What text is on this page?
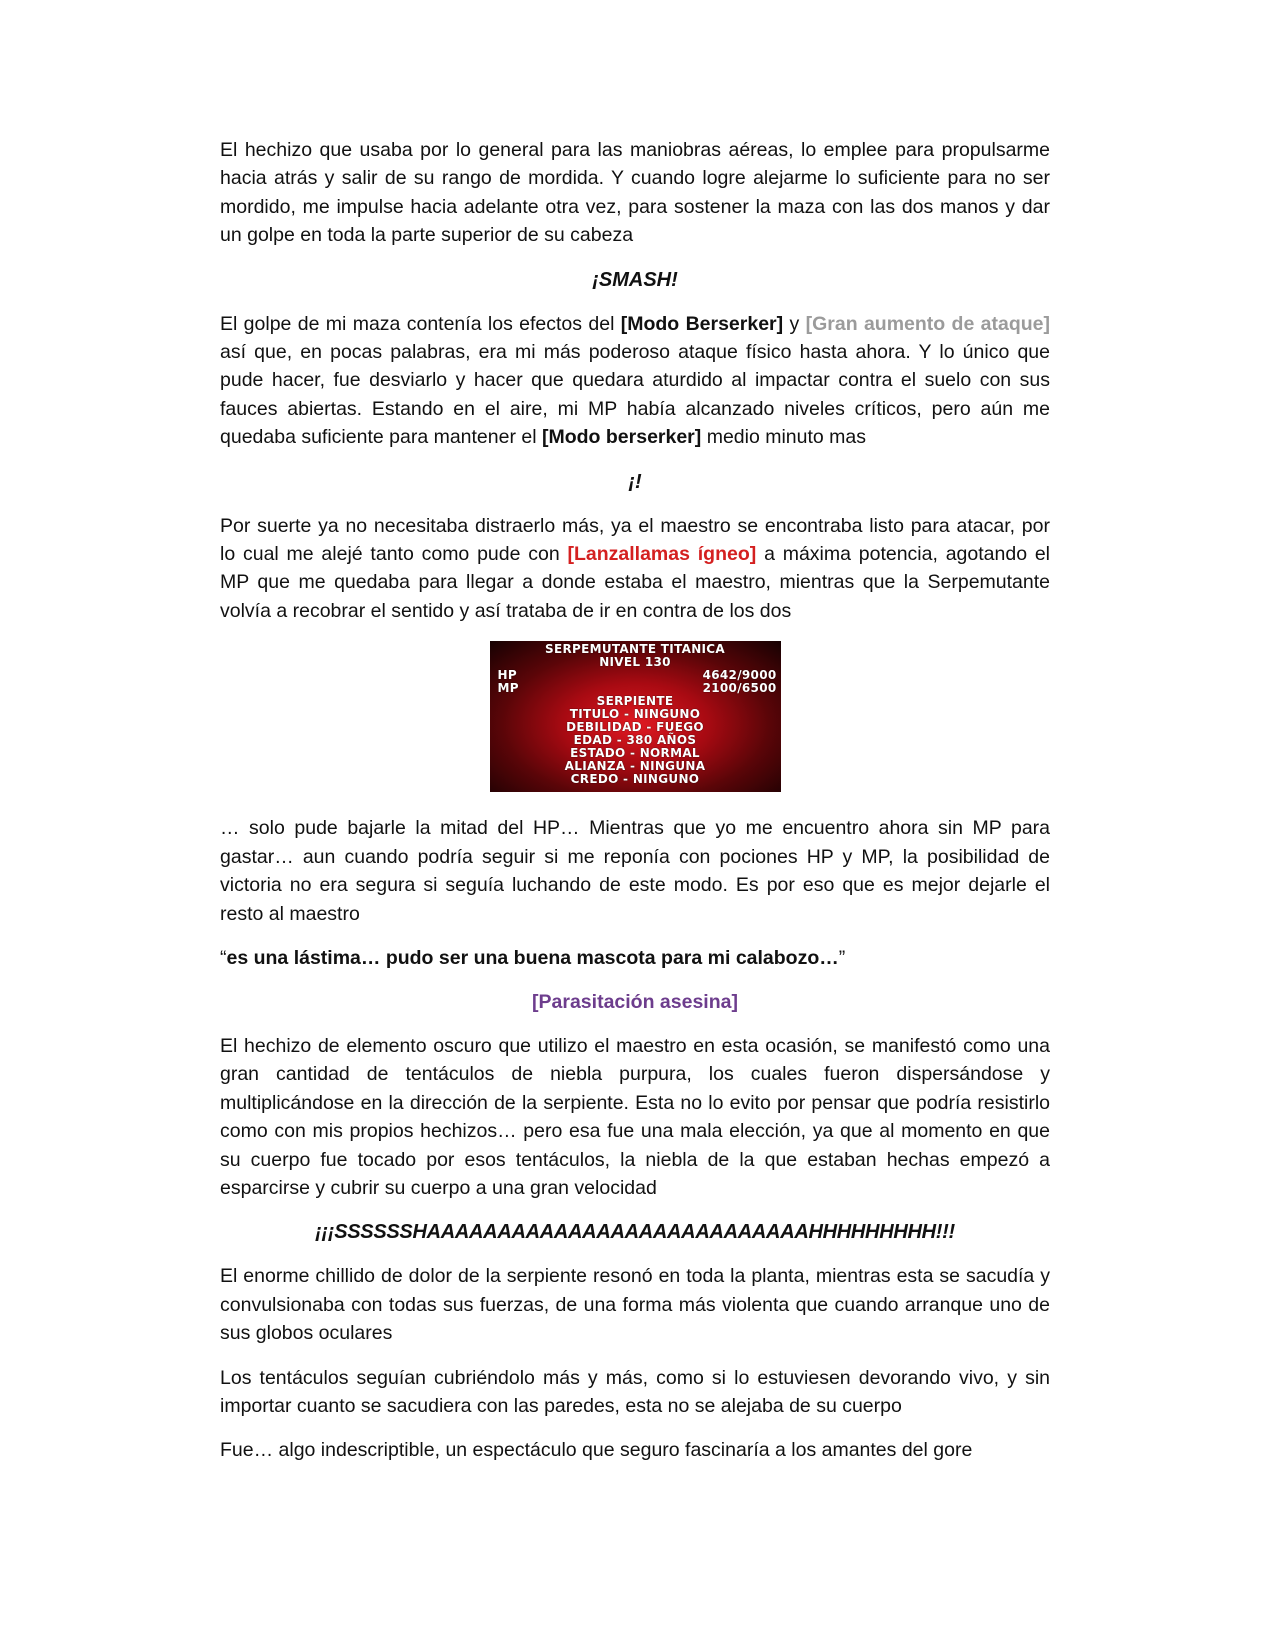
El hechizo que usaba por lo general para las maniobras aéreas, lo emplee para propulsarme hacia atrás y salir de su rango de mordida. Y cuando logre alejarme lo suficiente para no ser mordido, me impulse hacia adelante otra vez, para sostener la maza con las dos manos y dar un golpe en toda la parte superior de su cabeza

¡SMASH!

El golpe de mi maza contenía los efectos del [Modo Berserker] y [Gran aumento de ataque] así que, en pocas palabras, era mi más poderoso ataque físico hasta ahora. Y lo único que pude hacer, fue desviarlo y hacer que quedara aturdido al impactar contra el suelo con sus fauces abiertas. Estando en el aire, mi MP había alcanzado niveles críticos, pero aún me quedaba suficiente para mantener el [Modo berserker] medio minuto mas

¡!

Por suerte ya no necesitaba distraerlo más, ya el maestro se encontraba listo para atacar, por lo cual me alejé tanto como pude con [Lanzallamas ígneo] a máxima potencia, agotando el MP que me quedaba para llegar a donde estaba el maestro, mientras que la Serpemutante volvía a recobrar el sentido y así trataba de ir en contra de los dos

SERPEMUTANTE TITANICA
NIVEL 130
HP	4642/9000
MP	2100/6500
SERPIENTE
TITULO - NINGUNO
DEBILIDAD - FUEGO
EDAD - 380 AÑOS
ESTADO - NORMAL
ALIANZA - NINGUNA
CREDO - NINGUNO

… solo pude bajarle la mitad del HP… Mientras que yo me encuentro ahora sin MP para gastar… aun cuando podría seguir si me reponía con pociones HP y MP, la posibilidad de victoria no era segura si seguía luchando de este modo. Es por eso que es mejor dejarle el resto al maestro

“es una lástima… pudo ser una buena mascota para mi calabozo…”

[Parasitación asesina]

El hechizo de elemento oscuro que utilizo el maestro en esta ocasión, se manifestó como una gran cantidad de tentáculos de niebla purpura, los cuales fueron dispersándose y multiplicándose en la dirección de la serpiente. Esta no lo evito por pensar que podría resistirlo como con mis propios hechizos… pero esa fue una mala elección, ya que al momento en que su cuerpo fue tocado por esos tentáculos, la niebla de la que estaban hechas empezó a esparcirse y cubrir su cuerpo a una gran velocidad

¡¡¡SSSSSSHAAAAAAAAAAAAAAAAAAAAAAAAAAAHHHHHHHHH!!!

El enorme chillido de dolor de la serpiente resonó en toda la planta, mientras esta se sacudía y convulsionaba con todas sus fuerzas, de una forma más violenta que cuando arranque uno de sus globos oculares

Los tentáculos seguían cubriéndolo más y más, como si lo estuviesen devorando vivo, y sin importar cuanto se sacudiera con las paredes, esta no se alejaba de su cuerpo

Fue… algo indescriptible, un espectáculo que seguro fascinaría a los amantes del gore
